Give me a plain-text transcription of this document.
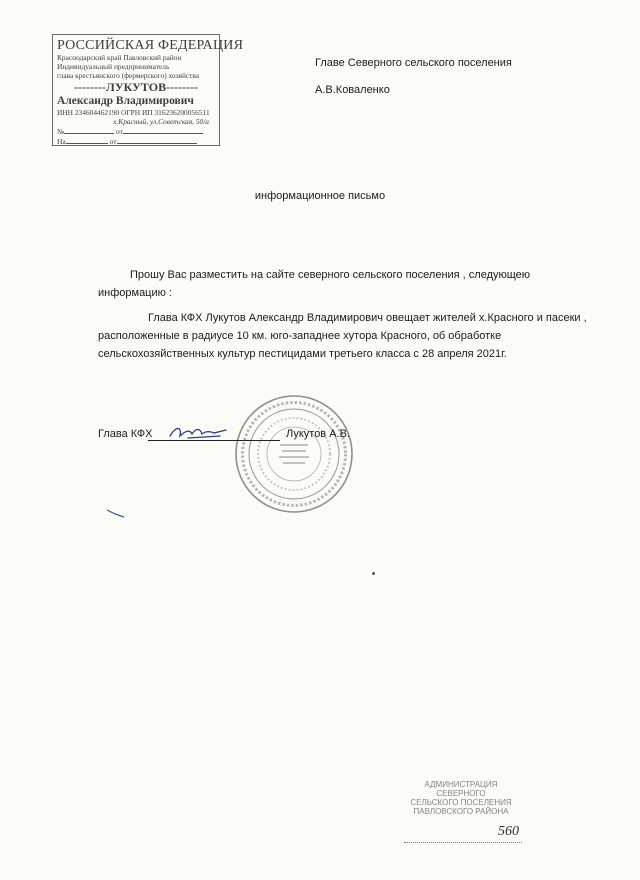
РОССИЙСКАЯ ФЕДЕРАЦИЯ
Краснодарский край Павловский район
Индивидуальный предприниматель
глава крестьянского (фермерского) хозяйства
--------ЛУКУТОВ--------
Александр Владимирович
ИНН 234604462190 ОГРН ИП 316236200056511
х.Красный, ул.Советская, 50/а
№	от
На	от
Главе Северного сельского поселения
А.В.Коваленко
информационное письмо
Прошу Вас разместить на сайте северного сельского поселения , следующею
информацию :
Глава КФХ Лукутов Александр Владимирович овещает жителей х.Красного и пасеки ,
расположенные в радиусе 10 км. юго-западнее хутора Красного, об обработке
сельскохозяйственных культур пестицидами третьего класса с 28 апреля 2021г.
Глава КФХ	Лукутов А.В.
АДМИНИСТРАЦИЯ
СЕВЕРНОГО
СЕЛЬСКОГО ПОСЕЛЕНИЯ
ПАВЛОВСКОГО РАЙОНА
560
